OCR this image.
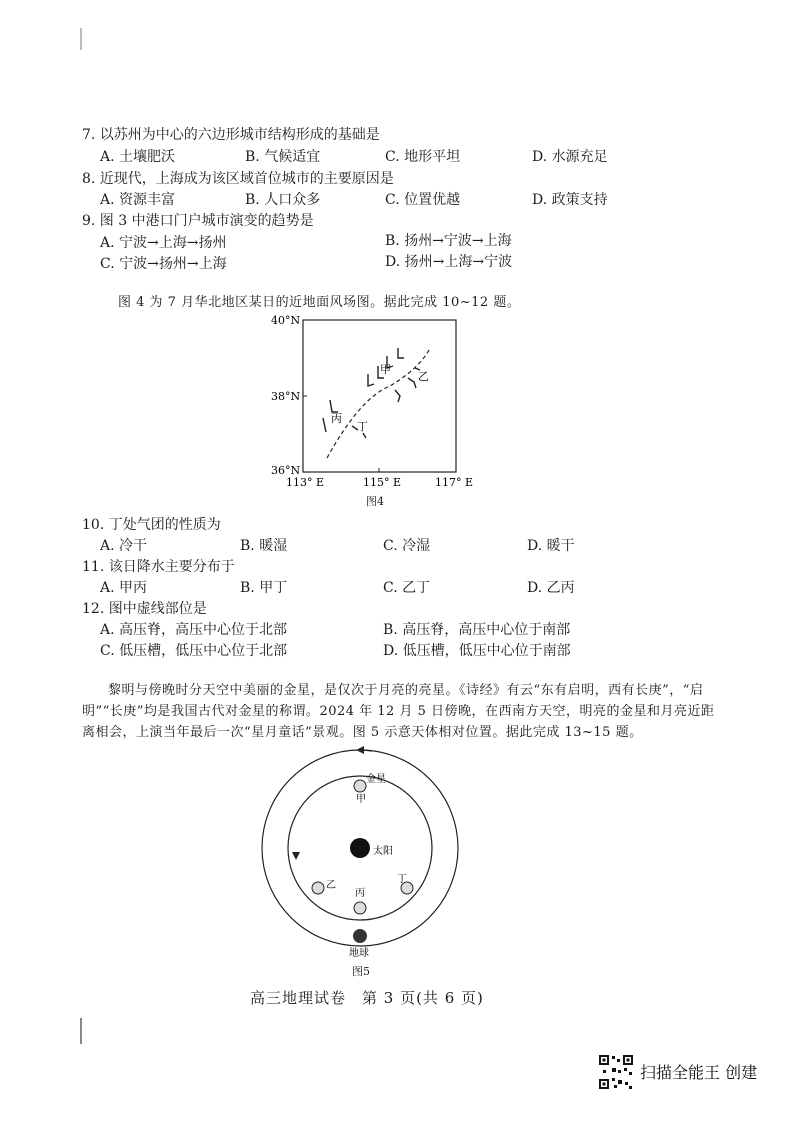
7. 以苏州为中心的六边形城市结构形成的基础是
A. 土壤肥沃	B. 气候适宜	C. 地形平坦	D. 水源充足
8. 近现代，上海成为该区域首位城市的主要原因是
A. 资源丰富	B. 人口众多	C. 位置优越	D. 政策支持
9. 图 3 中港口门户城市演变的趋势是
A. 宁波→上海→扬州	B. 扬州→宁波→上海
C. 宁波→扬州→上海	D. 扬州→上海→宁波
图 4 为 7 月华北地区某日的近地面风场图。据此完成 10~12 题。
40°N
38°N
36°N
113° E	115° E	117° E
甲
乙
丙
丁
图4
10. 丁处气团的性质为
A. 冷干	B. 暖湿	C. 冷湿	D. 暖干
11. 该日降水主要分布于
A. 甲丙	B. 甲丁	C. 乙丁	D. 乙丙
12. 图中虚线部位是
A. 高压脊，高压中心位于北部	B. 高压脊，高压中心位于南部
C. 低压槽，低压中心位于北部	D. 低压槽，低压中心位于南部
黎明与傍晚时分天空中美丽的金星，是仅次于月亮的亮星。《诗经》有云“东有启明，西有长庚”，“启明”“长庚”均是我国古代对金星的称谓。2024 年 12 月 5 日傍晚，在西南方天空，明亮的金星和月亮近距离相会，上演当年最后一次“星月童话”景观。图 5 示意天体相对位置。据此完成 13~15 题。
太阳
金星
甲
乙
丙
丁
地球
图5
高三地理试卷　第 3 页(共 6 页)
扫描全能王 创建
